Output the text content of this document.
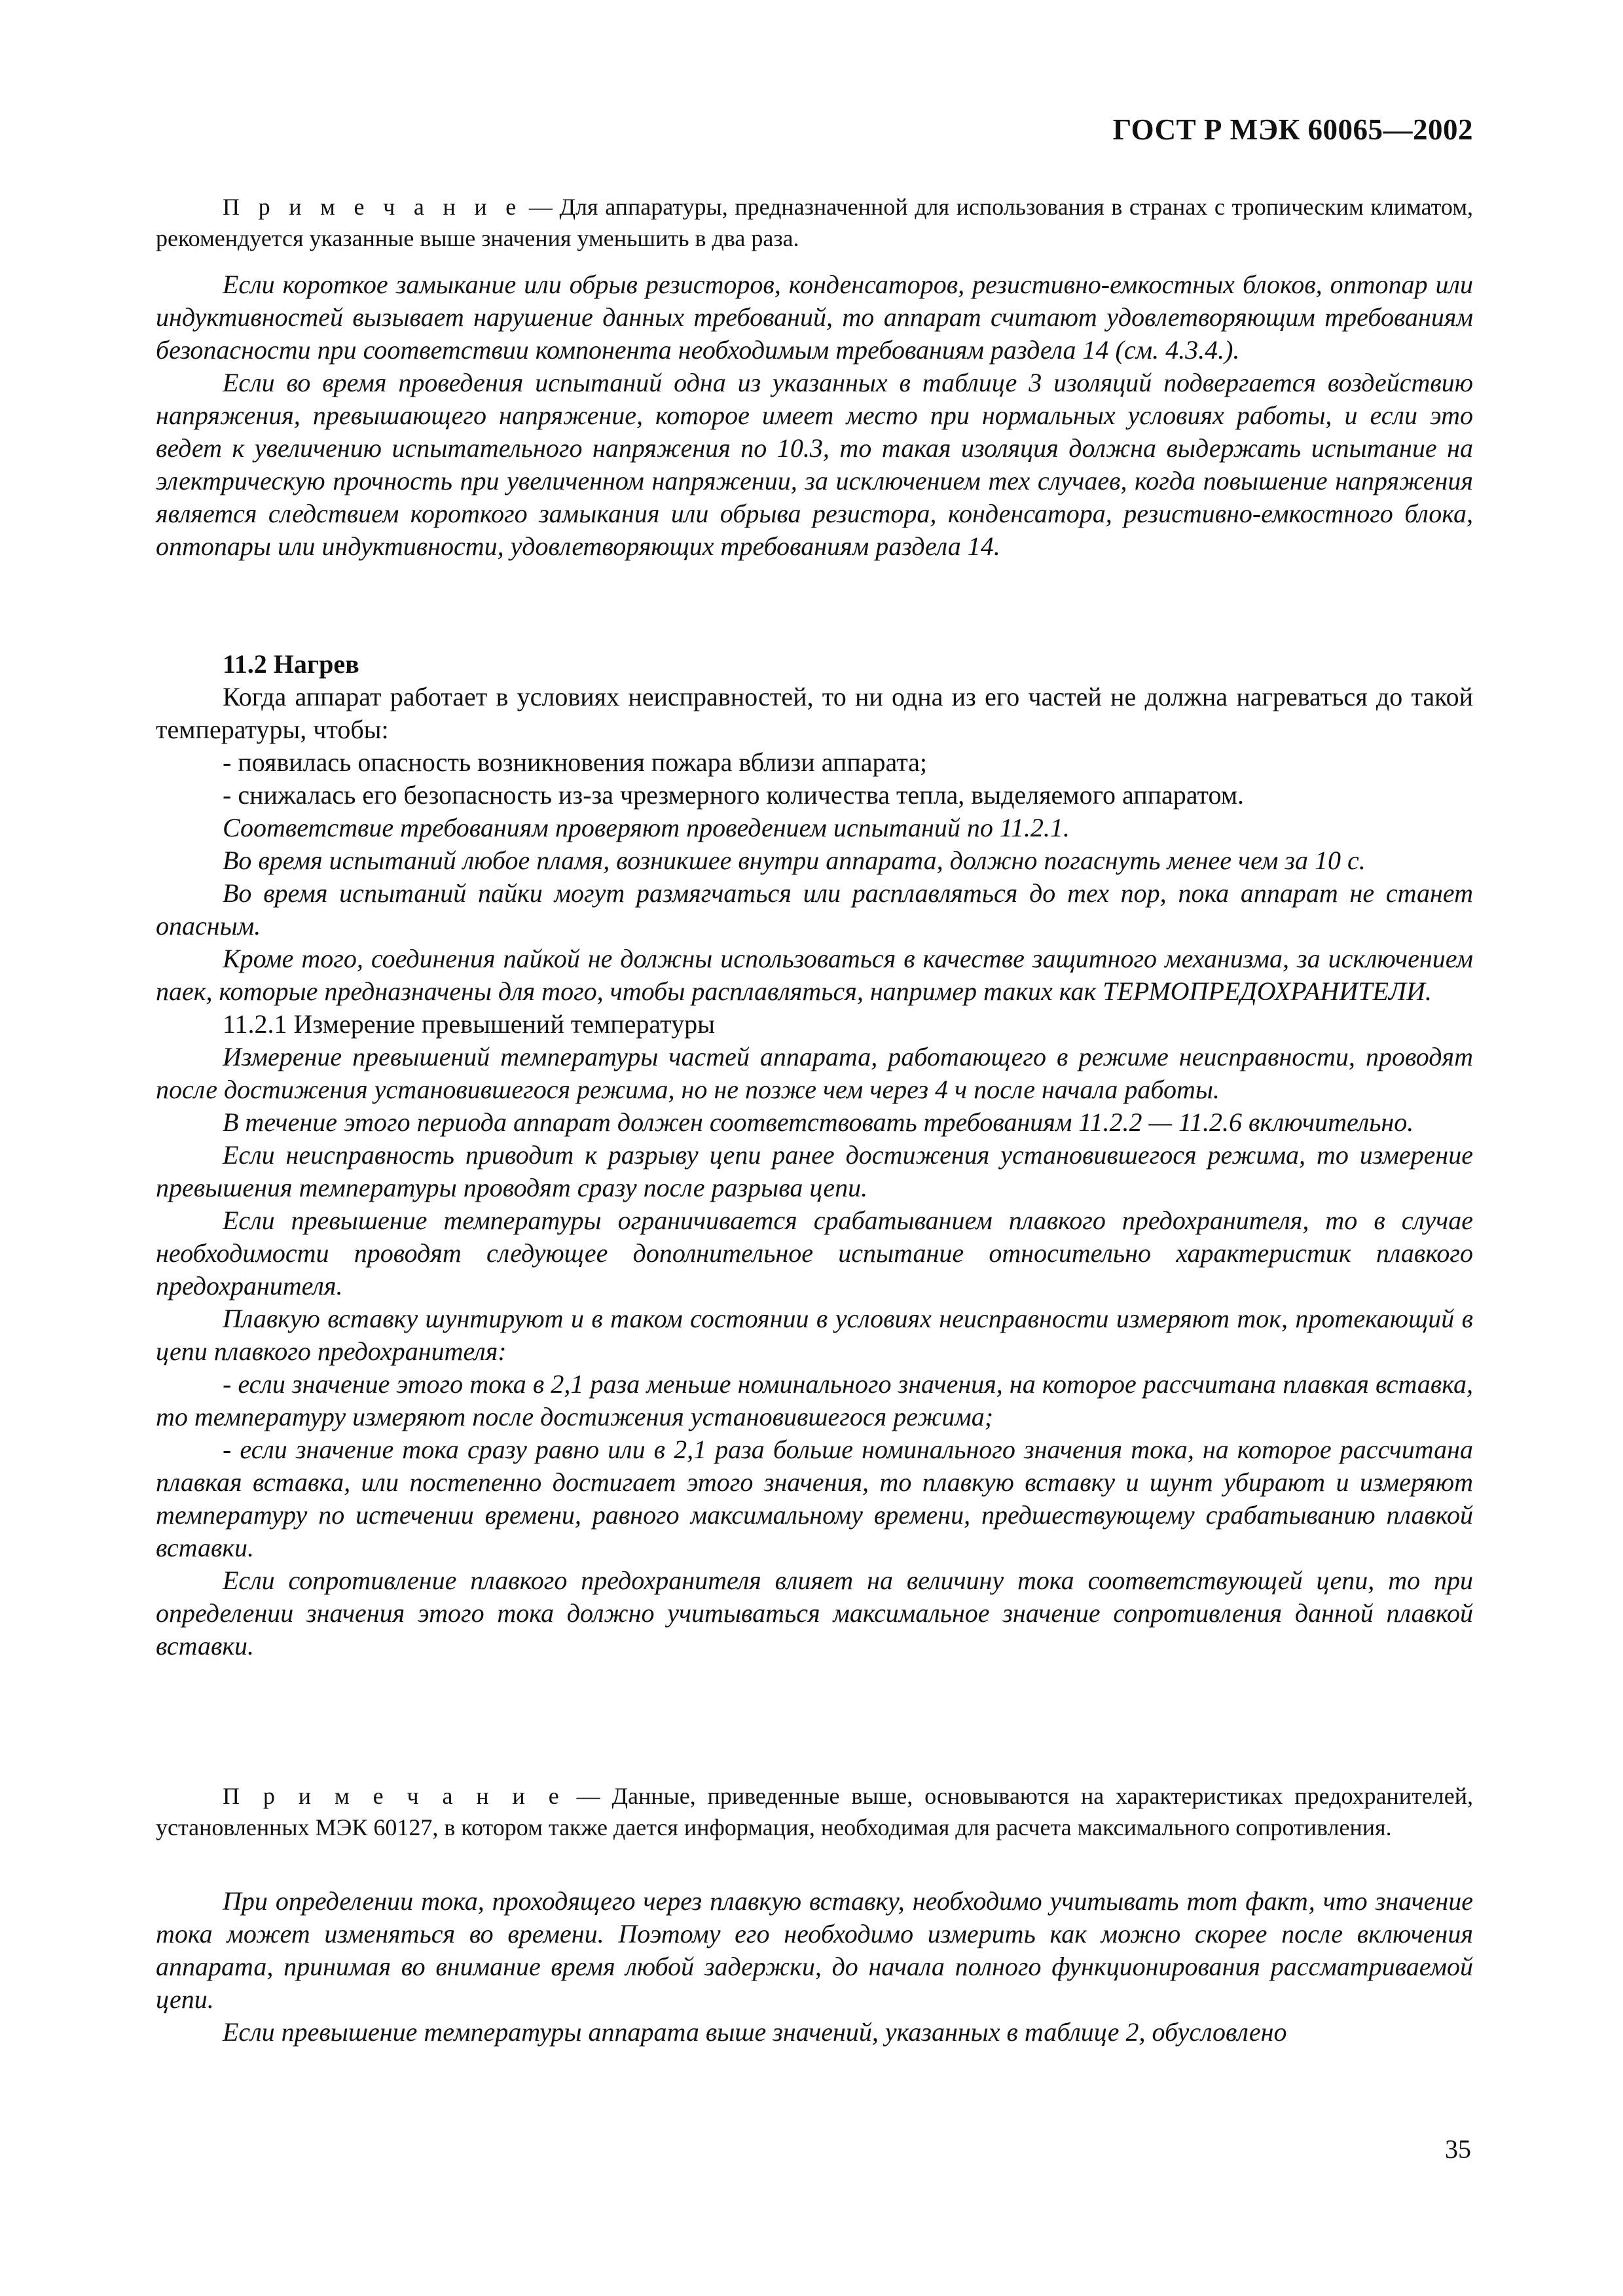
ГОСТ Р МЭК 60065—2002

П р и м е ч а н и е — Для аппаратуры, предназначенной для использования в странах с тропическим климатом, рекомендуется указанные выше значения уменьшить в два раза.

Если короткое замыкание или обрыв резисторов, конденсаторов, резистивно-емкостных блоков, оптопар или индуктивностей вызывает нарушение данных требований, то аппарат считают удовлетворяющим требованиям безопасности при соответствии компонента необходимым требованиям раздела 14 (см. 4.3.4.).

Если во время проведения испытаний одна из указанных в таблице 3 изоляций подвергается воздействию напряжения, превышающего напряжение, которое имеет место при нормальных условиях работы, и если это ведет к увеличению испытательного напряжения по 10.3, то такая изоляция должна выдержать испытание на электрическую прочность при увеличенном напряжении, за исключением тех случаев, когда повышение напряжения является следствием короткого замыкания или обрыва резистора, конденсатора, резистивно-емкостного блока, оптопары или индуктивности, удовлетворяющих требованиям раздела 14.

11.2 Нагрев

Когда аппарат работает в условиях неисправностей, то ни одна из его частей не должна нагреваться до такой температуры, чтобы:

- появилась опасность возникновения пожара вблизи аппарата;

- снижалась его безопасность из-за чрезмерного количества тепла, выделяемого аппаратом.

Соответствие требованиям проверяют проведением испытаний по 11.2.1.

Во время испытаний любое пламя, возникшее внутри аппарата, должно погаснуть менее чем за 10 с.

Во время испытаний пайки могут размягчаться или расплавляться до тех пор, пока аппарат не станет опасным.

Кроме того, соединения пайкой не должны использоваться в качестве защитного механизма, за исключением паек, которые предназначены для того, чтобы расплавляться, например таких как ТЕРМОПРЕДОХРАНИТЕЛИ.

11.2.1 Измерение превышений температуры

Измерение превышений температуры частей аппарата, работающего в режиме неисправности, проводят после достижения установившегося режима, но не позже чем через 4 ч после начала работы.

В течение этого периода аппарат должен соответствовать требованиям 11.2.2 — 11.2.6 включительно.

Если неисправность приводит к разрыву цепи ранее достижения установившегося режима, то измерение превышения температуры проводят сразу после разрыва цепи.

Если превышение температуры ограничивается срабатыванием плавкого предохранителя, то в случае необходимости проводят следующее дополнительное испытание относительно характеристик плавкого предохранителя.

Плавкую вставку шунтируют и в таком состоянии в условиях неисправности измеряют ток, протекающий в цепи плавкого предохранителя:

- если значение этого тока в 2,1 раза меньше номинального значения, на которое рассчитана плавкая вставка, то температуру измеряют после достижения установившегося режима;

- если значение тока сразу равно или в 2,1 раза больше номинального значения тока, на которое рассчитана плавкая вставка, или постепенно достигает этого значения, то плавкую вставку и шунт убирают и измеряют температуру по истечении времени, равного максимальному времени, предшествующему срабатыванию плавкой вставки.

Если сопротивление плавкого предохранителя влияет на величину тока соответствующей цепи, то при определении значения этого тока должно учитываться максимальное значение сопротивления данной плавкой вставки.

П р и м е ч а н и е — Данные, приведенные выше, основываются на характеристиках предохранителей, установленных МЭК 60127, в котором также дается информация, необходимая для расчета максимального сопротивления.

При определении тока, проходящего через плавкую вставку, необходимо учитывать тот факт, что значение тока может изменяться во времени. Поэтому его необходимо измерить как можно скорее после включения аппарата, принимая во внимание время любой задержки, до начала полного функционирования рассматриваемой цепи.

Если превышение температуры аппарата выше значений, указанных в таблице 2, обусловлено

35
